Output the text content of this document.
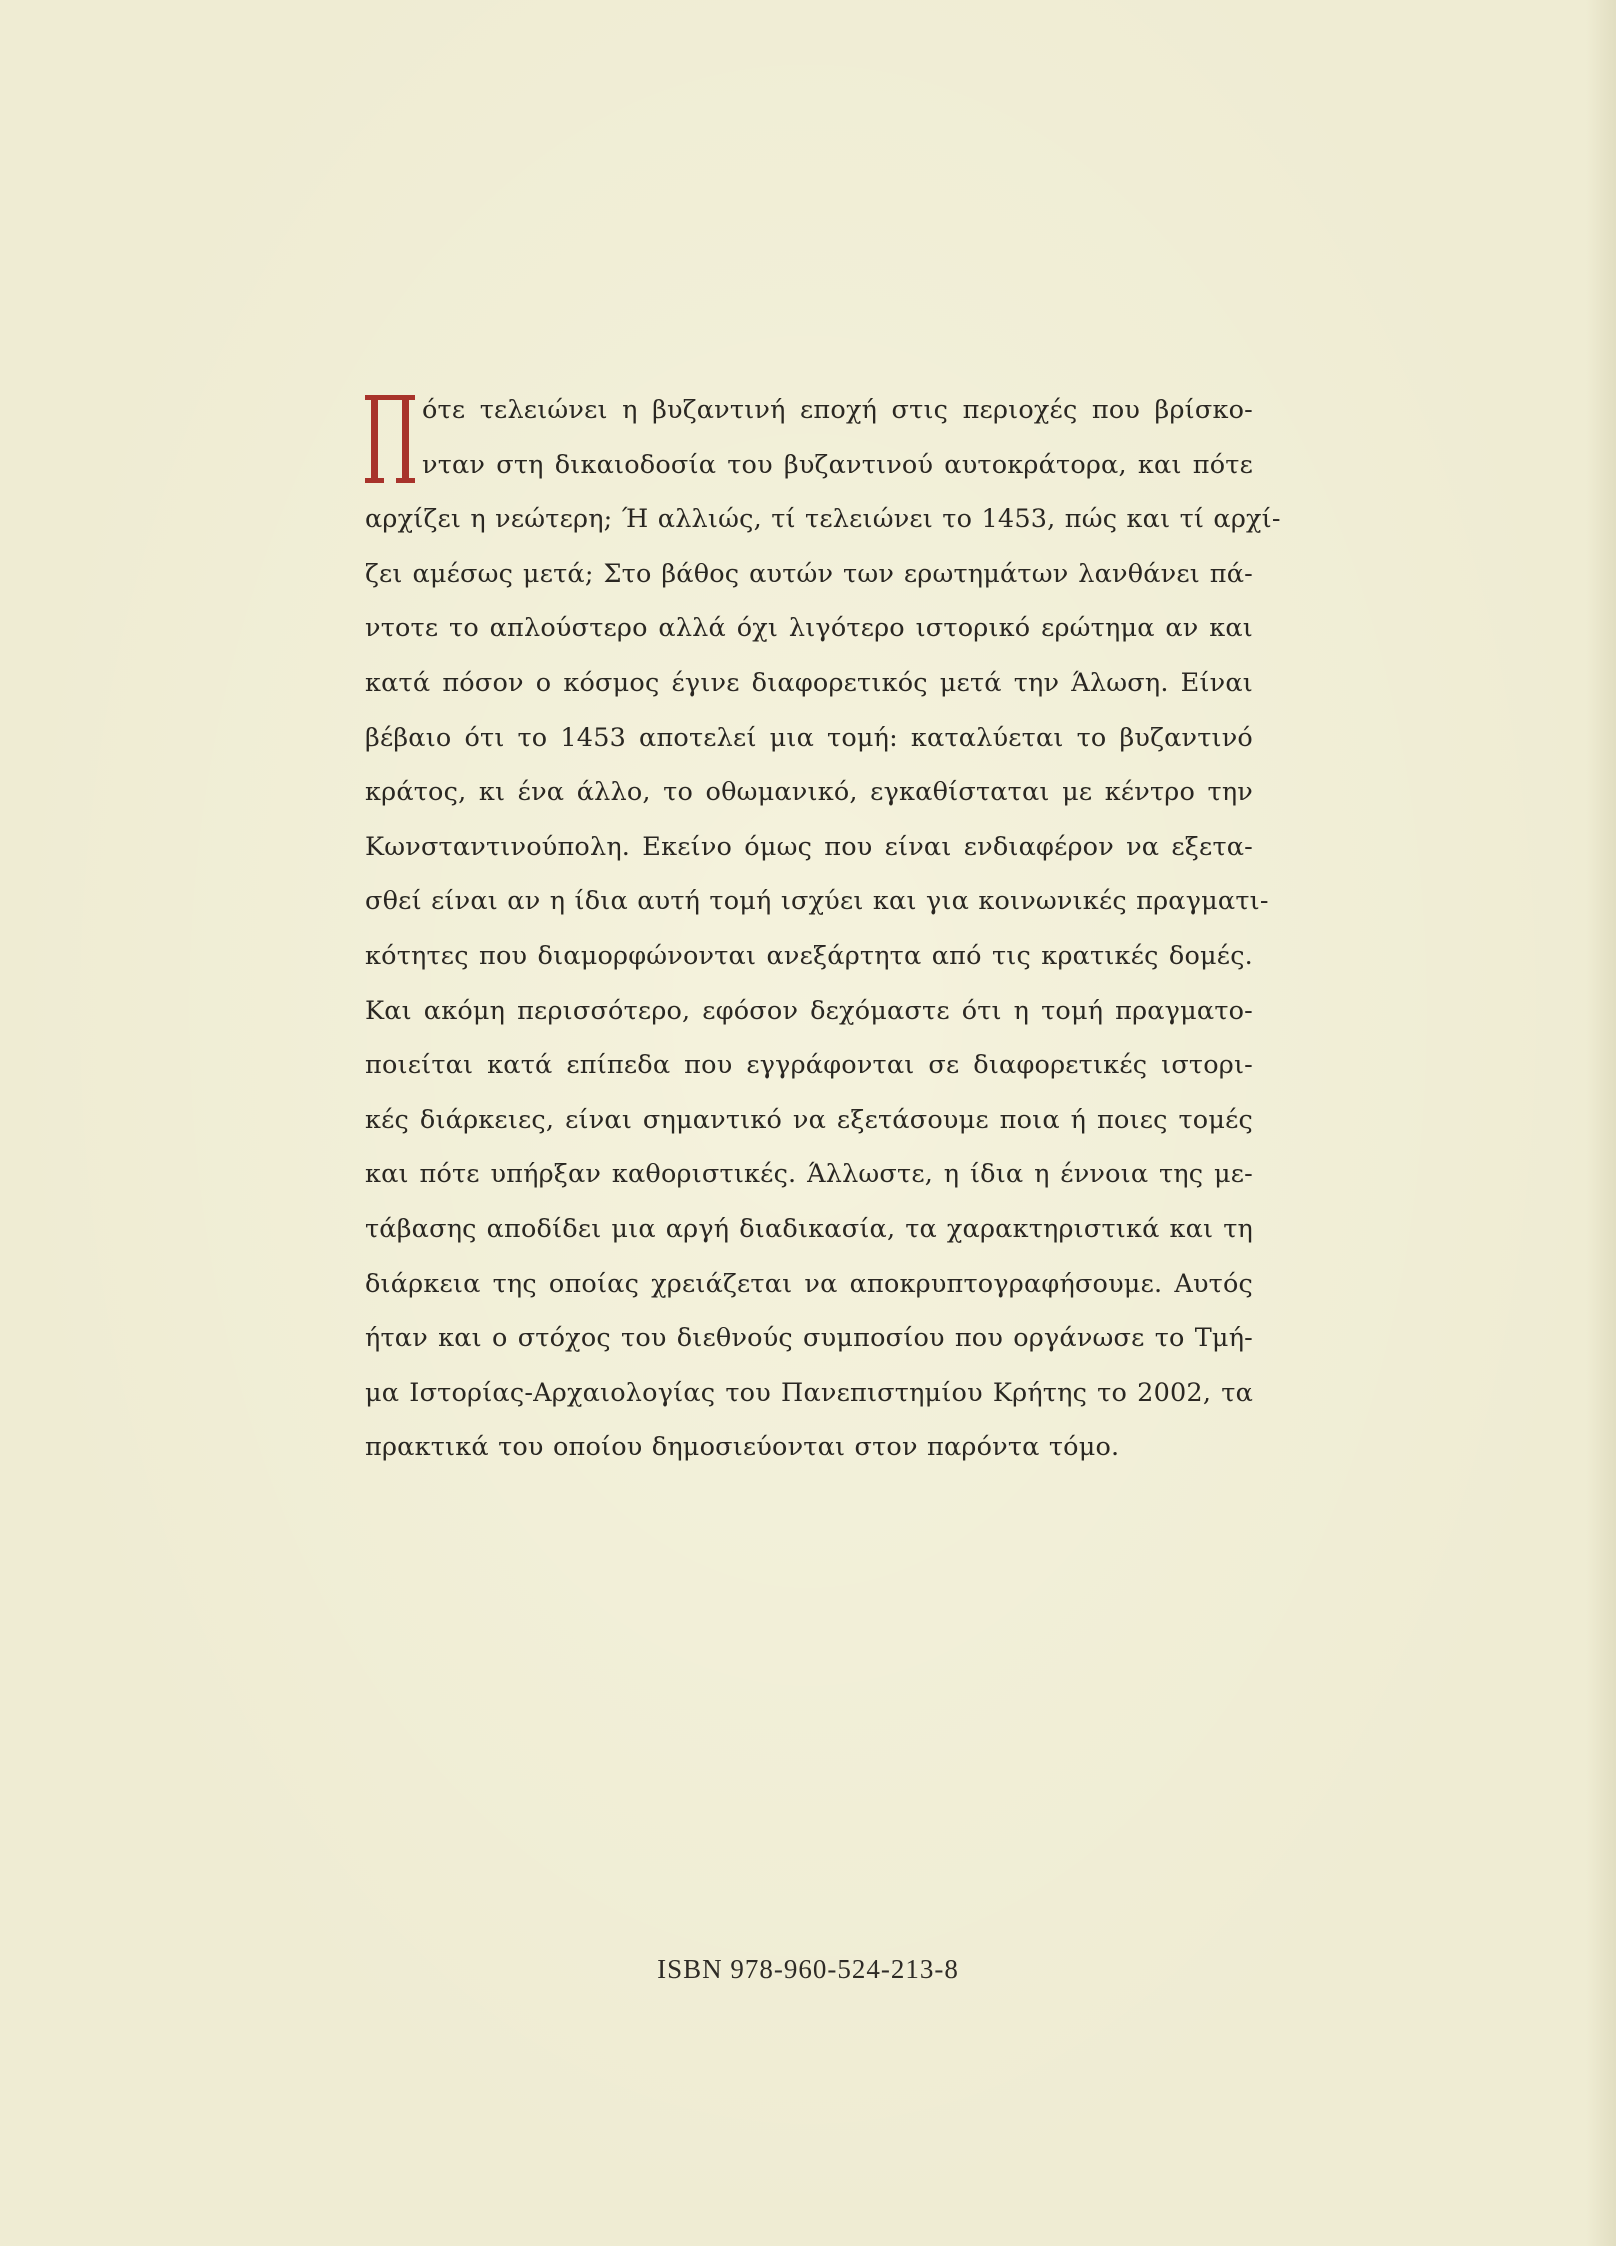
ότε τελειώνει η βυζαντινή εποχή στις περιοχές που βρίσκο-
νταν στη δικαιοδοσία του βυζαντινού αυτοκράτορα, και πότε
αρχίζει η νεώτερη; Ή αλλιώς, τί τελειώνει το 1453, πώς και τί αρχί-
ζει αμέσως μετά; Στο βάθος αυτών των ερωτημάτων λανθάνει πά-
ντοτε το απλούστερο αλλά όχι λιγότερο ιστορικό ερώτημα αν και
κατά πόσον ο κόσμος έγινε διαφορετικός μετά την Άλωση. Είναι
βέβαιο ότι το 1453 αποτελεί μια τομή: καταλύεται το βυζαντινό
κράτος, κι ένα άλλο, το οθωμανικό, εγκαθίσταται με κέντρο την
Κωνσταντινούπολη. Εκείνο όμως που είναι ενδιαφέρον να εξετα-
σθεί είναι αν η ίδια αυτή τομή ισχύει και για κοινωνικές πραγματι-
κότητες που διαμορφώνονται ανεξάρτητα από τις κρατικές δομές.
Και ακόμη περισσότερο, εφόσον δεχόμαστε ότι η τομή πραγματο-
ποιείται κατά επίπεδα που εγγράφονται σε διαφορετικές ιστορι-
κές διάρκειες, είναι σημαντικό να εξετάσουμε ποια ή ποιες τομές
και πότε υπήρξαν καθοριστικές. Άλλωστε, η ίδια η έννοια της με-
τάβασης αποδίδει μια αργή διαδικασία, τα χαρακτηριστικά και τη
διάρκεια της οποίας χρειάζεται να αποκρυπτογραφήσουμε. Αυτός
ήταν και ο στόχος του διεθνούς συμποσίου που οργάνωσε το Τμή-
μα Ιστορίας-Αρχαιολογίας του Πανεπιστημίου Κρήτης το 2002, τα
πρακτικά του οποίου δημοσιεύονται στον παρόντα τόμο.
ISBN 978-960-524-213-8
